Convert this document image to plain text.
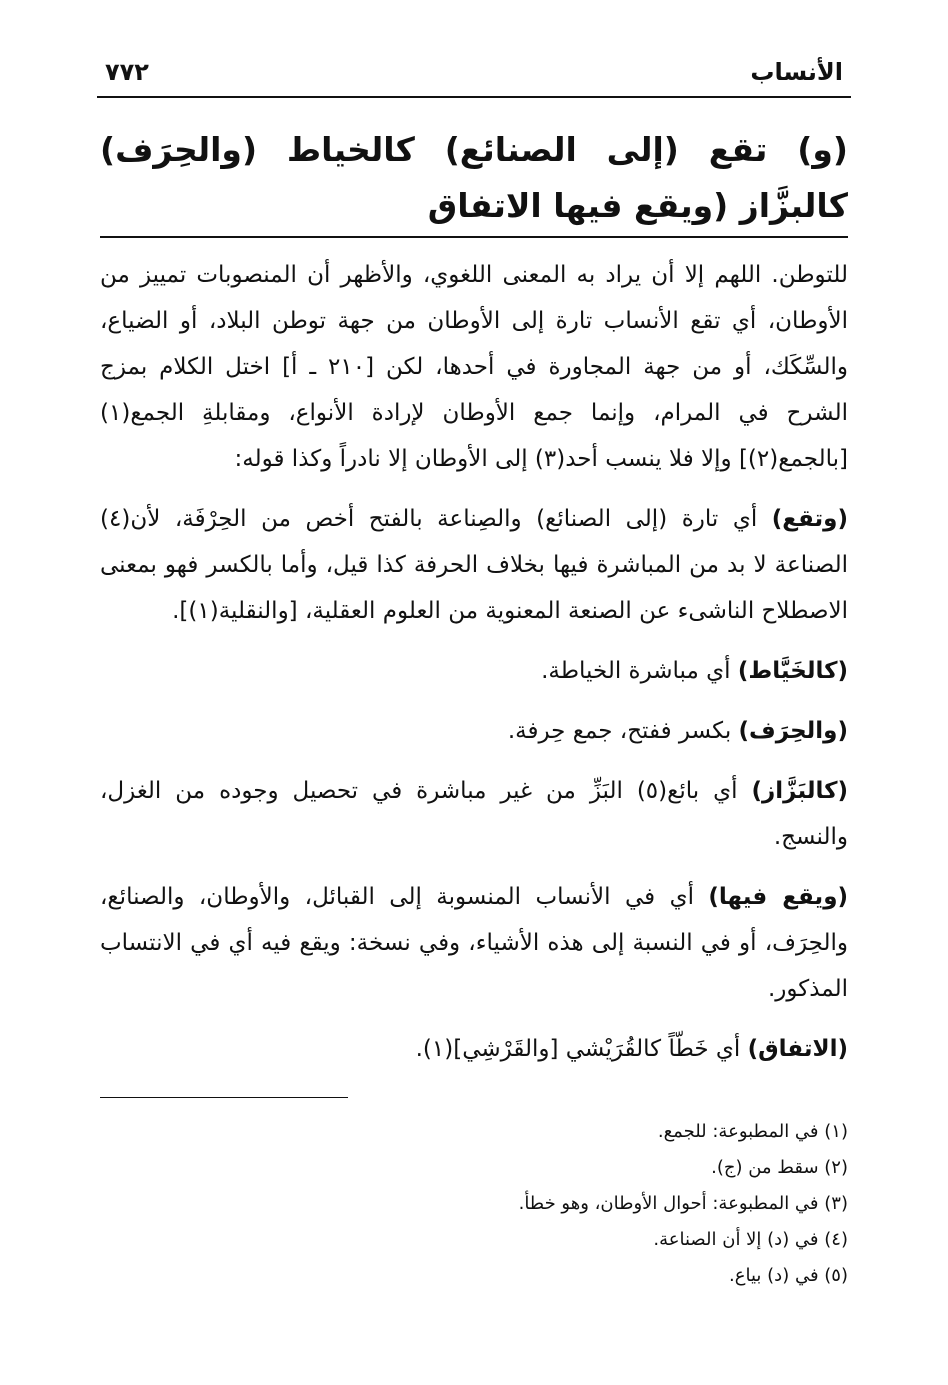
٧٧٢	الأنساب
(و) تقع (إلى الصنائع) كالخياط (والحِرَف) كالبزَّاز (ويقع فيها الاتفاق

للتوطن. اللهم إلا أن يراد به المعنى اللغوي، والأظهر أن المنصوبات تمييز من الأوطان، أي تقع الأنساب تارة إلى الأوطان من جهة توطن البلاد، أو الضياع، والسِّكَك، أو من جهة المجاورة في أحدها، لكن [٢١٠ ـ أ] اختل الكلام بمزج الشرح في المرام، وإنما جمع الأوطان لإرادة الأنواع، ومقابلةِ الجمع(١) [بالجمع(٢)] وإلا فلا ينسب أحد(٣) إلى الأوطان إلا نادراً وكذا قوله:

(وتقع) أي تارة (إلى الصنائع) والصِناعة بالفتح أخص من الحِرْفَة، لأن(٤) الصناعة لا بد من المباشرة فيها بخلاف الحرفة كذا قيل، وأما بالكسر فهو بمعنى الاصطلاح الناشىء عن الصنعة المعنوية من العلوم العقلية، [والنقلية(١)].

(كالخَيَّاط) أي مباشرة الخياطة.

(والحِرَف) بكسر ففتح، جمع حِرفة.

(كالبَزَّاز) أي بائع(٥) البَزِّ من غير مباشرة في تحصيل وجوده من الغزل، والنسج.

(ويقع فيها) أي في الأنساب المنسوبة إلى القبائل، والأوطان، والصنائع، والحِرَف، أو في النسبة إلى هذه الأشياء، وفي نسخة: ويقع فيه أي في الانتساب المذكور.

(الاتفاق) أي خَطّاً كالقُرَيْشي [والقَرْشِي](١).

(١) في المطبوعة: للجمع.

(٢) سقط من (ج).

(٣) في المطبوعة: أحوال الأوطان، وهو خطأ.

(٤) في (د) إلا أن الصناعة.

(٥) في (د) بياع.
